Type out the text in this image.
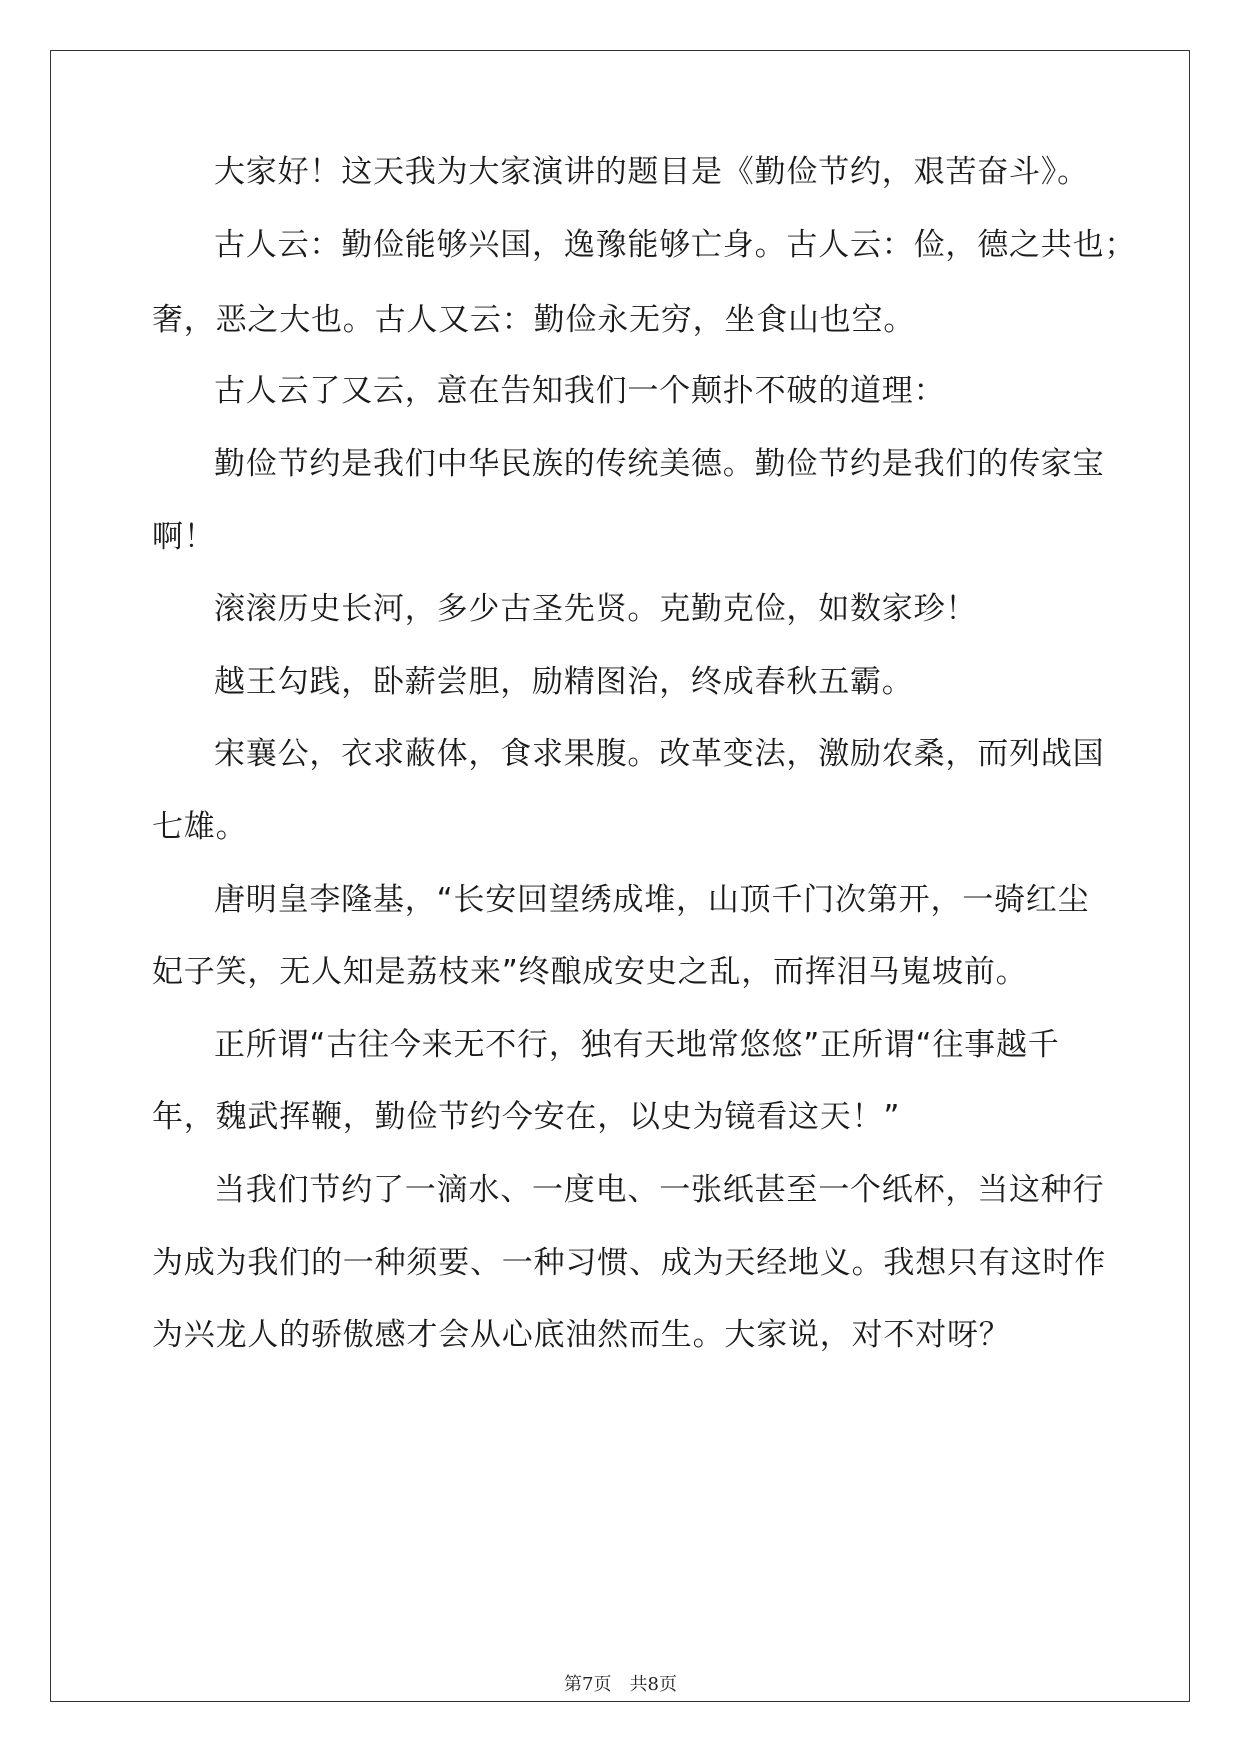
大家好！这天我为大家演讲的题目是《勤俭节约，艰苦奋斗》。
古人云：勤俭能够兴国，逸豫能够亡身。古人云：俭，德之共也；
奢，恶之大也。古人又云：勤俭永无穷，坐食山也空。
古人云了又云，意在告知我们一个颠扑不破的道理：
勤俭节约是我们中华民族的传统美德。勤俭节约是我们的传家宝
啊！
滚滚历史长河，多少古圣先贤。克勤克俭，如数家珍！
越王勾践，卧薪尝胆，励精图治，终成春秋五霸。
宋襄公，衣求蔽体，食求果腹。改革变法，激励农桑，而列战国
七雄。
唐明皇李隆基，“长安回望绣成堆，山顶千门次第开，一骑红尘
妃子笑，无人知是荔枝来”终酿成安史之乱，而挥泪马嵬坡前。
正所谓“古往今来无不行，独有天地常悠悠”正所谓“往事越千
年，魏武挥鞭，勤俭节约今安在，以史为镜看这天！”
当我们节约了一滴水、一度电、一张纸甚至一个纸杯，当这种行
为成为我们的一种须要、一种习惯、成为天经地义。我想只有这时作
为兴龙人的骄傲感才会从心底油然而生。大家说，对不对呀？
第7页　共8页
